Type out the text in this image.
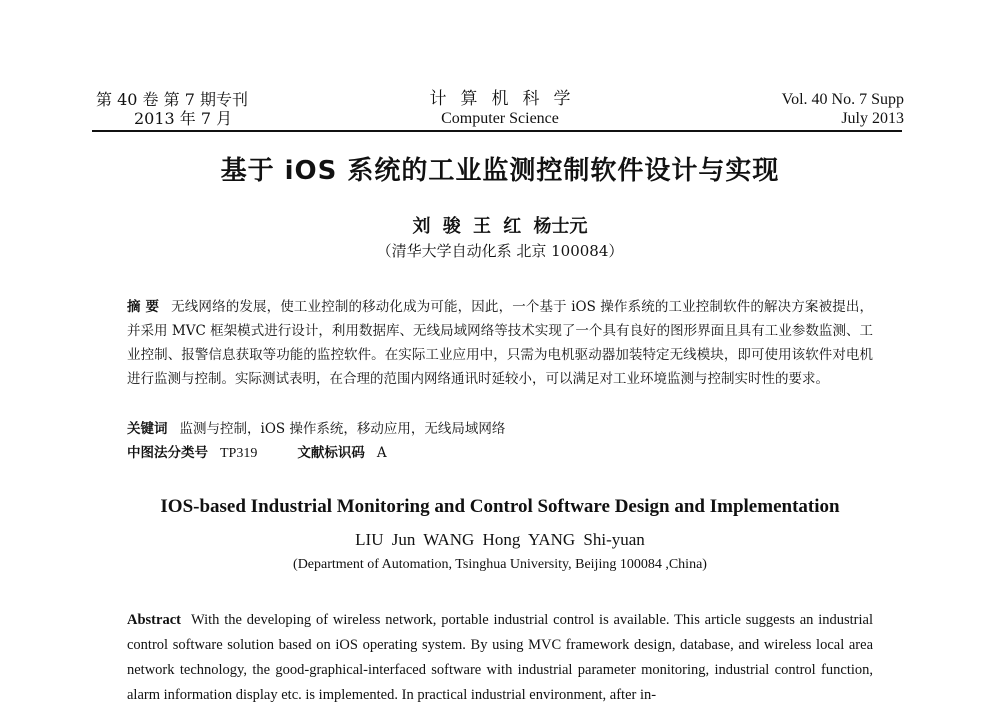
第 40 卷 第 7 期专刊
2013 年 7 月
计算机科学
Computer Science
Vol. 40 No. 7 Supp
July 2013
基于 iOS 系统的工业监测控制软件设计与实现
刘 骏 王 红 杨士元
（清华大学自动化系 北京 100084）
摘 要 无线网络的发展，使工业控制的移动化成为可能，因此，一个基于 iOS 操作系统的工业控制软件的解决方案被提出，并采用 MVC 框架模式进行设计，利用数据库、无线局域网络等技术实现了一个具有良好的图形界面且具有工业参数监测、工业控制、报警信息获取等功能的监控软件。在实际工业应用中，只需为电机驱动器加装特定无线模块，即可使用该软件对电机进行监测与控制。实际测试表明，在合理的范围内网络通讯时延较小，可以满足对工业环境监测与控制实时性的要求。
关键词 监测与控制，iOS 操作系统，移动应用，无线局域网络
中图法分类号 TP319	文献标识码 A
IOS-based Industrial Monitoring and Control Software Design and Implementation
LIU Jun WANG Hong YANG Shi-yuan
(Department of Automation, Tsinghua University, Beijing 100084 ,China)
Abstract With the developing of wireless network, portable industrial control is available. This article suggests an industrial control software solution based on iOS operating system. By using MVC framework design, database, and wireless local area network technology, the good-graphical-interfaced software with industrial parameter monitoring, industrial control function, alarm information display etc. is implemented. In practical industrial environment, after in-
